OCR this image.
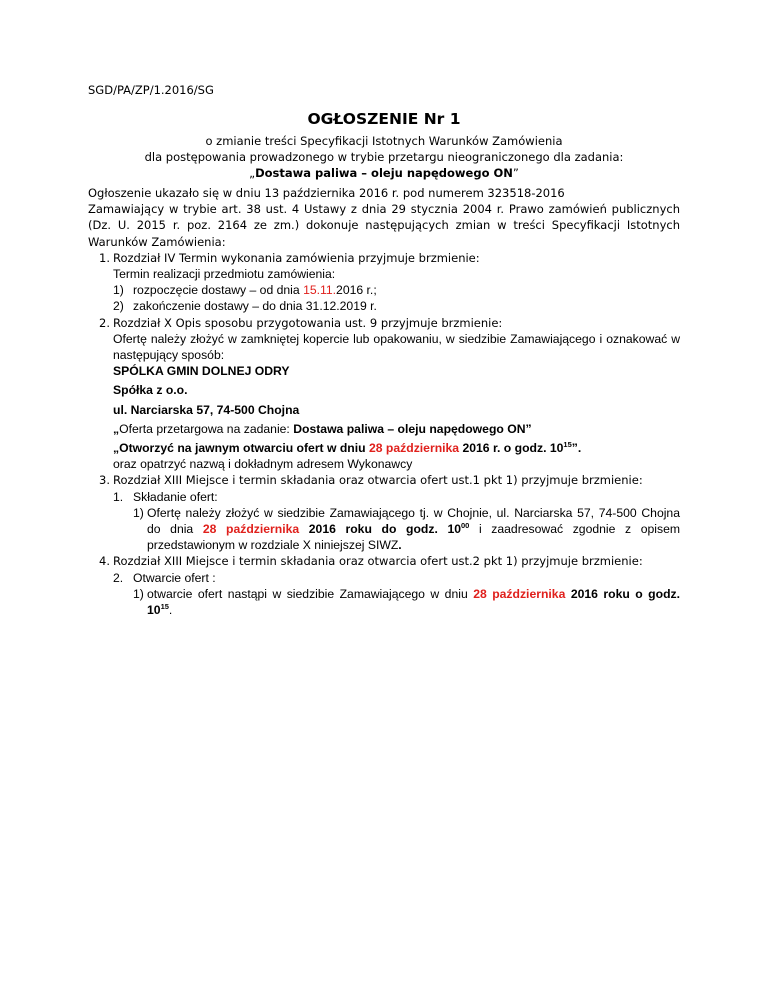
SGD/PA/ZP/1.2016/SG
OGŁOSZENIE Nr 1
o zmianie treści Specyfikacji Istotnych Warunków Zamówienia
dla postępowania prowadzonego w trybie przetargu nieograniczonego dla zadania:
„Dostawa paliwa – oleju napędowego ON”

Ogłoszenie ukazało się w dniu 13 października 2016 r. pod numerem 323518-2016

Zamawiający w trybie art. 38 ust. 4 Ustawy z dnia 29 stycznia 2004 r. Prawo zamówień publicznych (Dz. U. 2015 r. poz. 2164 ze zm.) dokonuje następujących zmian w treści Specyfikacji Istotnych Warunków Zamówienia:

1. Rozdział IV Termin wykonania zamówienia przyjmuje brzmienie:

Termin realizacji przedmiotu zamówienia:

1) rozpoczęcie dostawy – od dnia 15.11.2016 r.;
2) zakończenie dostawy – do dnia 31.12.2019 r.
2. Rozdział X Opis sposobu przygotowania ust. 9 przyjmuje brzmienie:

Ofertę należy złożyć w zamkniętej kopercie lub opakowaniu, w siedzibie Zamawiającego i oznakować w następujący sposób:

SPÓLKA GMIN DOLNEJ ODRY

Spółka z o.o.

ul. Narciarska 57, 74-500 Chojna

„Oferta przetargowa na zadanie: Dostawa paliwa – oleju napędowego ON”

„Otworzyć na jawnym otwarciu ofert w dniu 28 października 2016 r. o godz. $10^{15}$”.

oraz opatrzyć nazwą i dokładnym adresem Wykonawcy

3. Rozdział XIII Miejsce i termin składania oraz otwarcia ofert ust.1 pkt 1) przyjmuje brzmienie:
1. Składanie ofert:
1) Ofertę należy złożyć w siedzibie Zamawiającego tj. w Chojnie, ul. Narciarska 57, 74-500 Chojna do dnia 28 października 2016 roku do godz. $10^{00}$ i zaadresować zgodnie z opisem przedstawionym w rozdziale X niniejszej SIWZ.

4. Rozdział XIII Miejsce i termin składania oraz otwarcia ofert ust.2 pkt 1) przyjmuje brzmienie:
2. Otwarcie ofert :
1) otwarcie ofert nastąpi w siedzibie Zamawiającego w dniu 28 października 2016 roku o godz. $10^{15}$.
